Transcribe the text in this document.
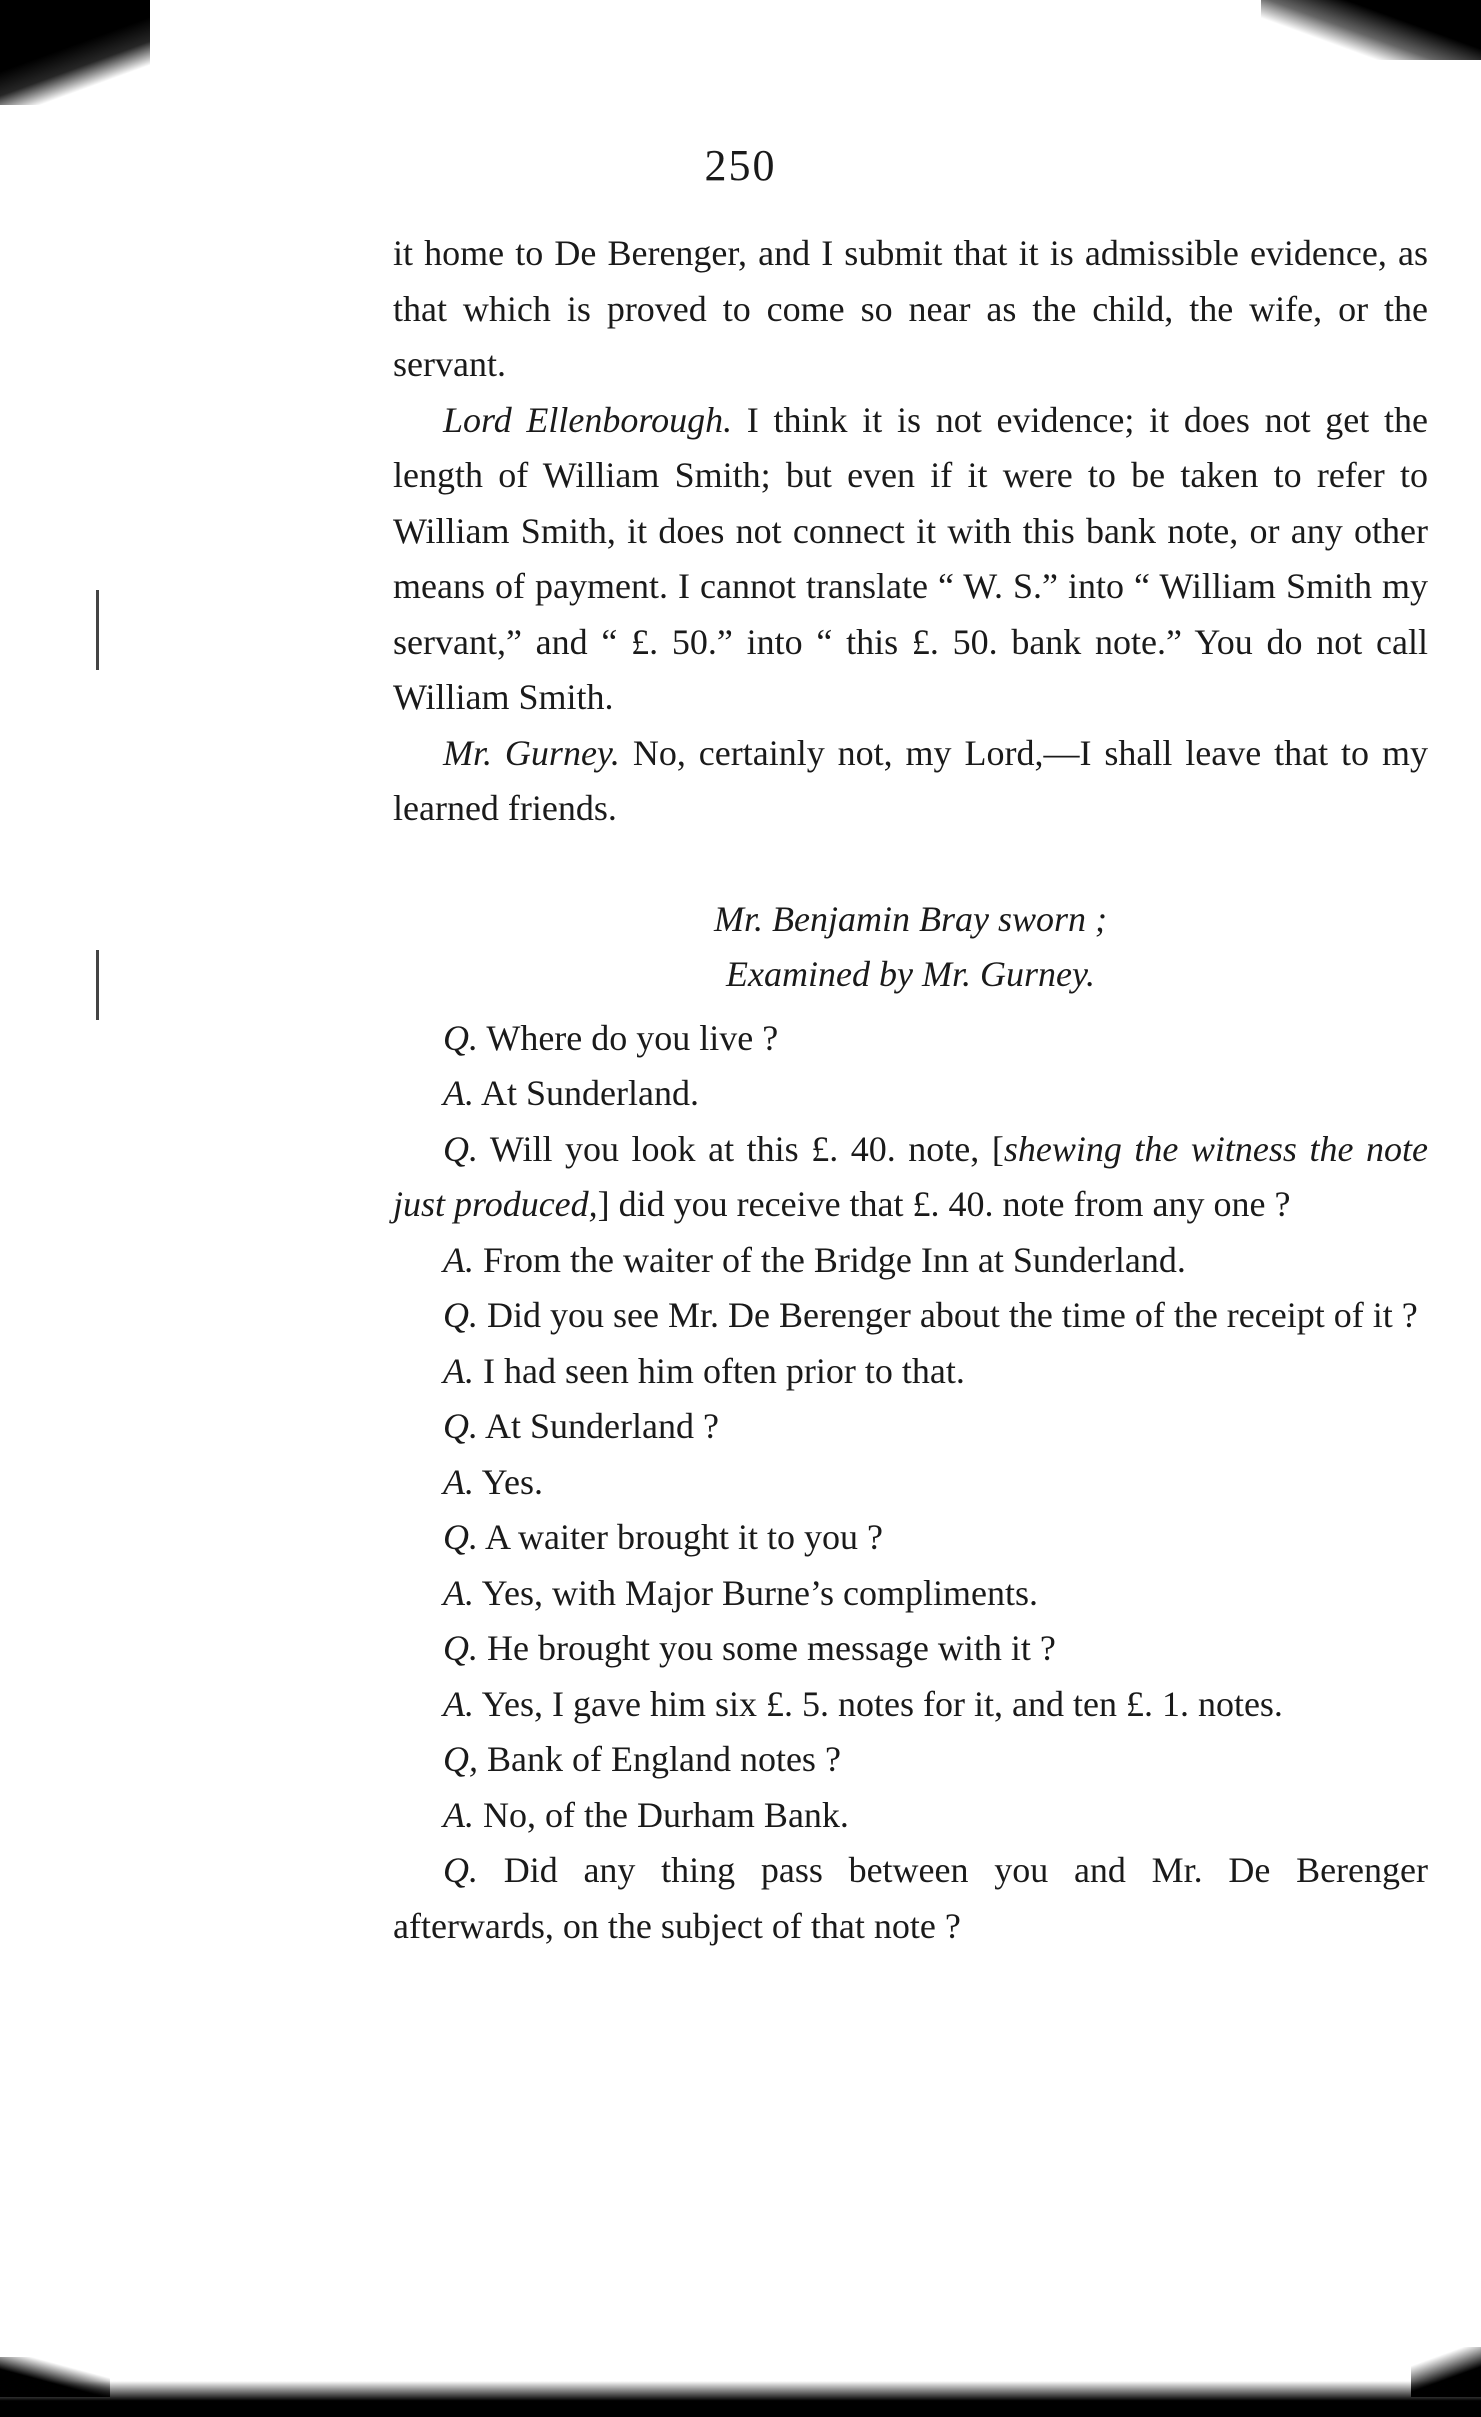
250

it home to De Berenger, and I submit that it is admissible evidence, as that which is proved to come so near as the child, the wife, or the servant.

Lord Ellenborough. I think it is not evidence; it does not get the length of William Smith; but even if it were to be taken to refer to William Smith, it does not connect it with this bank note, or any other means of payment. I cannot translate “ W. S.” into “ William Smith my servant,” and “ £. 50.” into “ this £. 50. bank note.” You do not call William Smith.

Mr. Gurney. No, certainly not, my Lord,—I shall leave that to my learned friends.

Mr. Benjamin Bray sworn ;

Examined by Mr. Gurney.

Q. Where do you live ?

A. At Sunderland.

Q. Will you look at this £. 40. note, [shewing the witness the note just produced,] did you receive that £. 40. note from any one ?

A. From the waiter of the Bridge Inn at Sunderland.

Q. Did you see Mr. De Berenger about the time of the receipt of it ?

A. I had seen him often prior to that.

Q. At Sunderland ?

A. Yes.

Q. A waiter brought it to you ?

A. Yes, with Major Burne’s compliments.

Q. He brought you some message with it ?

A. Yes, I gave him six £. 5. notes for it, and ten £. 1. notes.

Q, Bank of England notes ?

A. No, of the Durham Bank.

Q. Did any thing pass between you and Mr. De Berenger afterwards, on the subject of that note ?
